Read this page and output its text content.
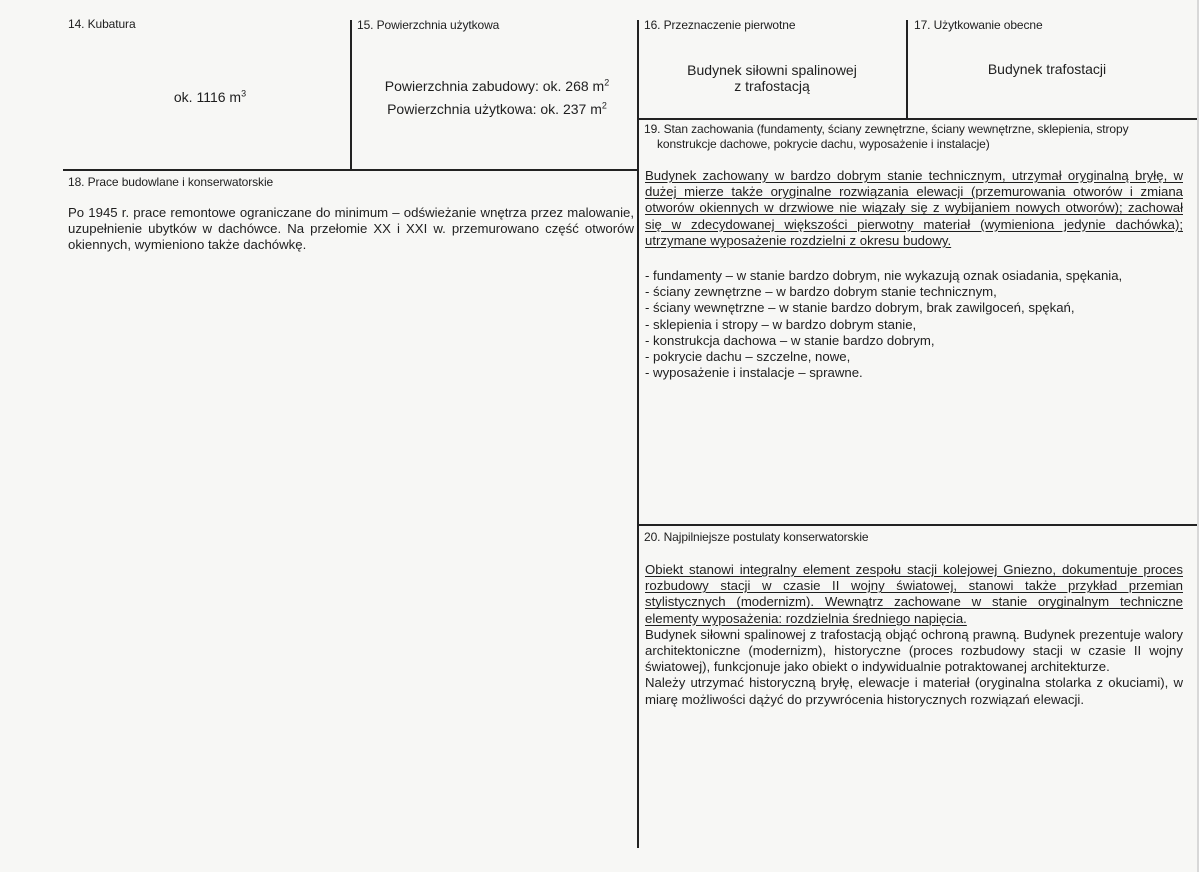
14. Kubatura
ok. 1116 $m^3$
15. Powierzchnia użytkowa
Powierzchnia zabudowy: ok. 268 $m^2$
Powierzchnia użytkowa: ok. 237 $m^2$
16. Przeznaczenie pierwotne
Budynek siłowni spalinowej
z trafostacją
17. Użytkowanie obecne
Budynek trafostacji
18. Prace budowlane i konserwatorskie
Po 1945 r. prace remontowe ograniczane do minimum – odświeżanie wnętrza przez malowanie, uzupełnienie ubytków w dachówce. Na przełomie XX i XXI w. przemurowano część otworów okiennych, wymieniono także dachówkę.
19. Stan zachowania (fundamenty, ściany zewnętrzne, ściany wewnętrzne, sklepienia, stropy
konstrukcje dachowe, pokrycie dachu, wyposażenie i instalacje)
Budynek zachowany w bardzo dobrym stanie technicznym, utrzymał oryginalną bryłę, w dużej mierze także oryginalne rozwiązania elewacji (przemurowania otworów i zmiana otworów okiennych w drzwiowe nie wiązały się z wybijaniem nowych otworów); zachował się w zdecydowanej większości pierwotny materiał (wymieniona jedynie dachówka); utrzymane wyposażenie rozdzielni z okresu budowy.
- fundamenty – w stanie bardzo dobrym, nie wykazują oznak osiadania, spękania,
- ściany zewnętrzne – w bardzo dobrym stanie technicznym,
- ściany wewnętrzne – w stanie bardzo dobrym, brak zawilgoceń, spękań,
- sklepienia i stropy – w bardzo dobrym stanie,
- konstrukcja dachowa – w stanie bardzo dobrym,
- pokrycie dachu – szczelne, nowe,
- wyposażenie i instalacje – sprawne.
20. Najpilniejsze postulaty konserwatorskie

Obiekt stanowi integralny element zespołu stacji kolejowej Gniezno, dokumentuje proces rozbudowy stacji w czasie II wojny światowej, stanowi także przykład przemian stylistycznych (modernizm). Wewnątrz zachowane w stanie oryginalnym techniczne elementy wyposażenia: rozdzielnia średniego napięcia.

Budynek siłowni spalinowej z trafostacją objąć ochroną prawną. Budynek prezentuje walory architektoniczne (modernizm), historyczne (proces rozbudowy stacji w czasie II wojny światowej), funkcjonuje jako obiekt o indywidualnie potraktowanej architekturze.

Należy utrzymać historyczną bryłę, elewacje i materiał (oryginalna stolarka z okuciami), w miarę możliwości dążyć do przywrócenia historycznych rozwiązań elewacji.
